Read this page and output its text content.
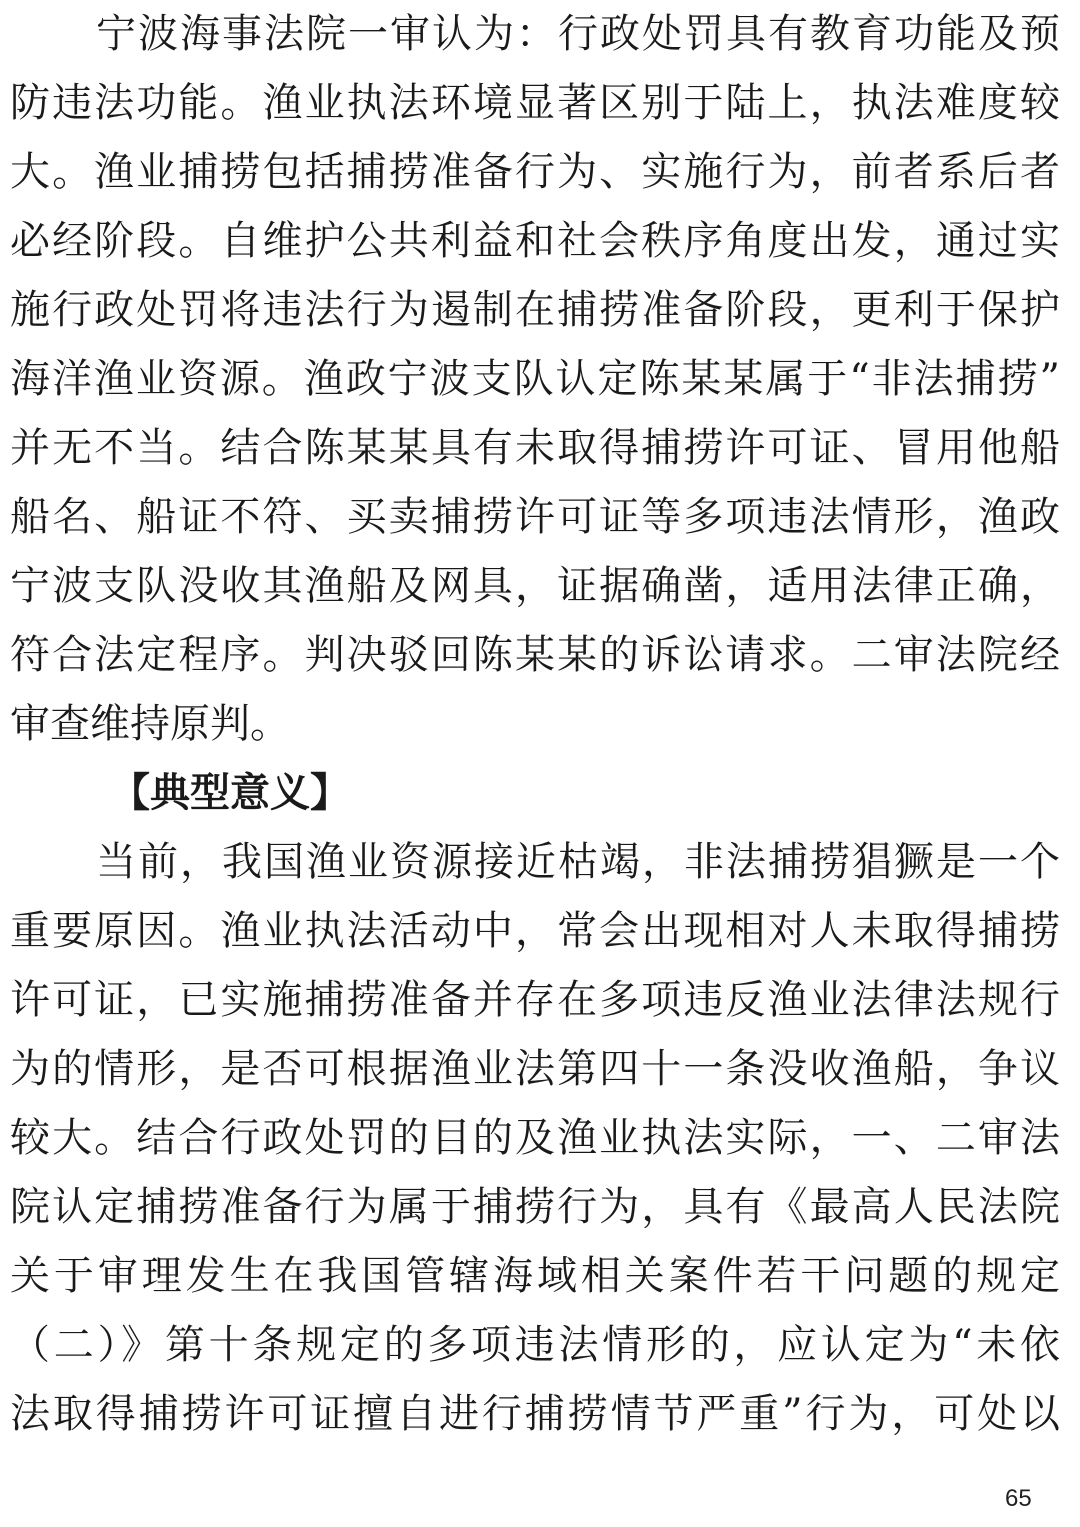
宁波海事法院一审认为：行政处罚具有教育功能及预
防违法功能。渔业执法环境显著区别于陆上，执法难度较
大。渔业捕捞包括捕捞准备行为、实施行为，前者系后者
必经阶段。自维护公共利益和社会秩序角度出发，通过实
施行政处罚将违法行为遏制在捕捞准备阶段，更利于保护
海洋渔业资源。渔政宁波支队认定陈某某属于“非法捕捞”
并无不当。结合陈某某具有未取得捕捞许可证、冒用他船
船名、船证不符、买卖捕捞许可证等多项违法情形，渔政
宁波支队没收其渔船及网具，证据确凿，适用法律正确，
符合法定程序。判决驳回陈某某的诉讼请求。二审法院经
审查维持原判。
【典型意义】
当前，我国渔业资源接近枯竭，非法捕捞猖獗是一个
重要原因。渔业执法活动中，常会出现相对人未取得捕捞
许可证，已实施捕捞准备并存在多项违反渔业法律法规行
为的情形，是否可根据渔业法第四十一条没收渔船，争议
较大。结合行政处罚的目的及渔业执法实际，一、二审法
院认定捕捞准备行为属于捕捞行为，具有《最高人民法院
关于审理发生在我国管辖海域相关案件若干问题的规定
（二）》第十条规定的多项违法情形的，应认定为“未依
法取得捕捞许可证擅自进行捕捞情节严重”行为，可处以
65
